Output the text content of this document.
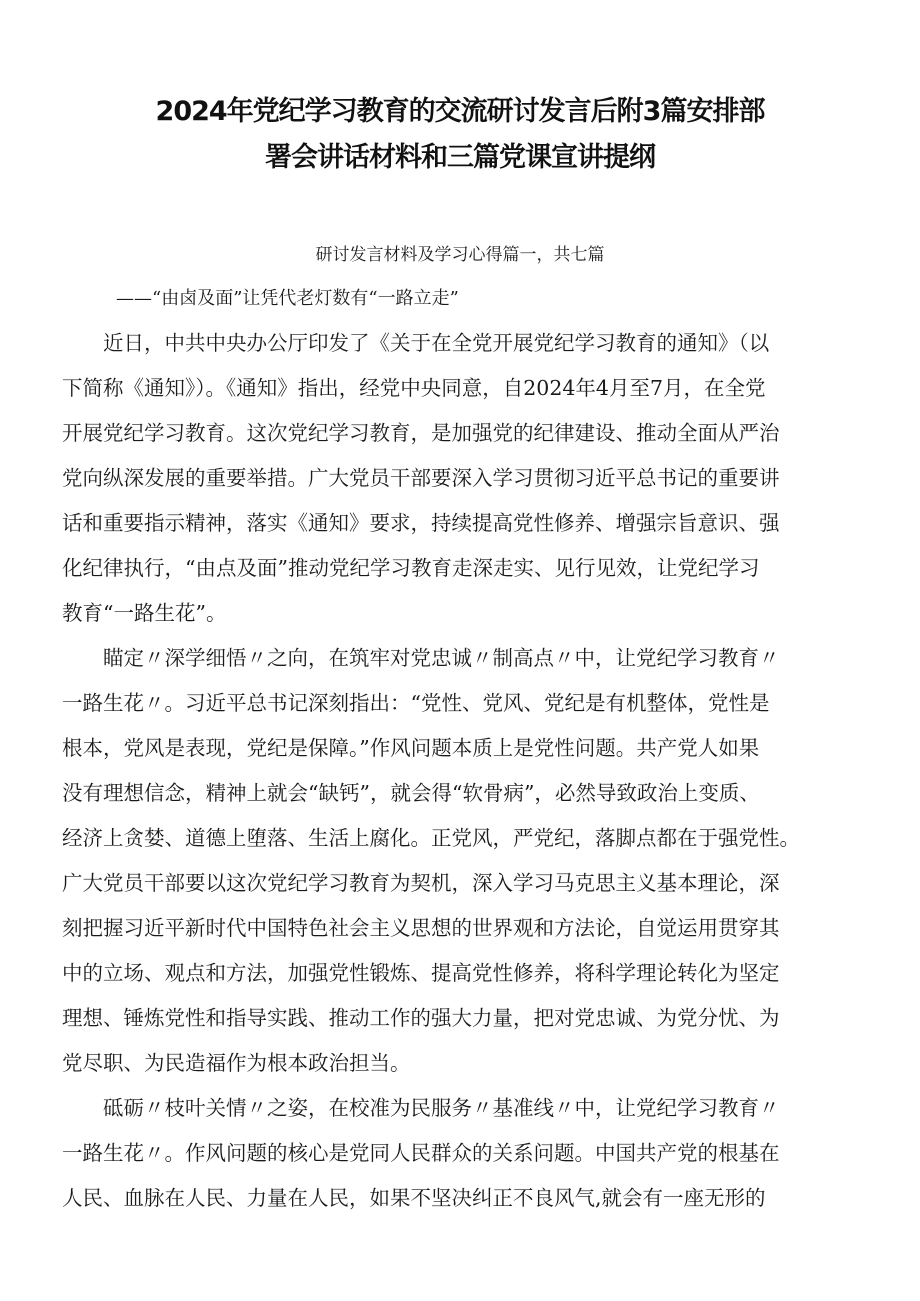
2024年党纪学习教育的交流研讨发言后附3篇安排部
署会讲话材料和三篇党课宣讲提纲
研讨发言材料及学习心得篇一，共七篇
——“由卤及面”让凭代老灯数有“一路立走”
　　近日，中共中央办公厅印发了《关于在全党开展党纪学习教育的通知》（以
下简称《通知》）。《通知》指出，经党中央同意，自2024年4月至7月，在全党
开展党纪学习教育。这次党纪学习教育，是加强党的纪律建设、推动全面从严治
党向纵深发展的重要举措。广大党员干部要深入学习贯彻习近平总书记的重要讲
话和重要指示精神，落实《通知》要求，持续提高党性修养、增强宗旨意识、强
化纪律执行，“由点及面”推动党纪学习教育走深走实、见行见效，让党纪学习
教育“一路生花”。
　　瞄定〃深学细悟〃之向，在筑牢对党忠诚〃制高点〃中，让党纪学习教育〃
一路生花〃。习近平总书记深刻指出：“党性、党风、党纪是有机整体，党性是
根本，党风是表现，党纪是保障。”作风问题本质上是党性问题。共产党人如果
没有理想信念，精神上就会“缺钙”，就会得“软骨病”，必然导致政治上变质、
经济上贪婪、道德上堕落、生活上腐化。正党风，严党纪，落脚点都在于强党性。
广大党员干部要以这次党纪学习教育为契机，深入学习马克思主义基本理论，深
刻把握习近平新时代中国特色社会主义思想的世界观和方法论，自觉运用贯穿其
中的立场、观点和方法，加强党性锻炼、提高党性修养，将科学理论转化为坚定
理想、锤炼党性和指导实践、推动工作的强大力量，把对党忠诚、为党分忧、为
党尽职、为民造福作为根本政治担当。
　　砥砺〃枝叶关情〃之姿，在校准为民服务〃基准线〃中，让党纪学习教育〃
一路生花〃。作风问题的核心是党同人民群众的关系问题。中国共产党的根基在
人民、血脉在人民、力量在人民，如果不坚决纠正不良风气,就会有一座无形的
